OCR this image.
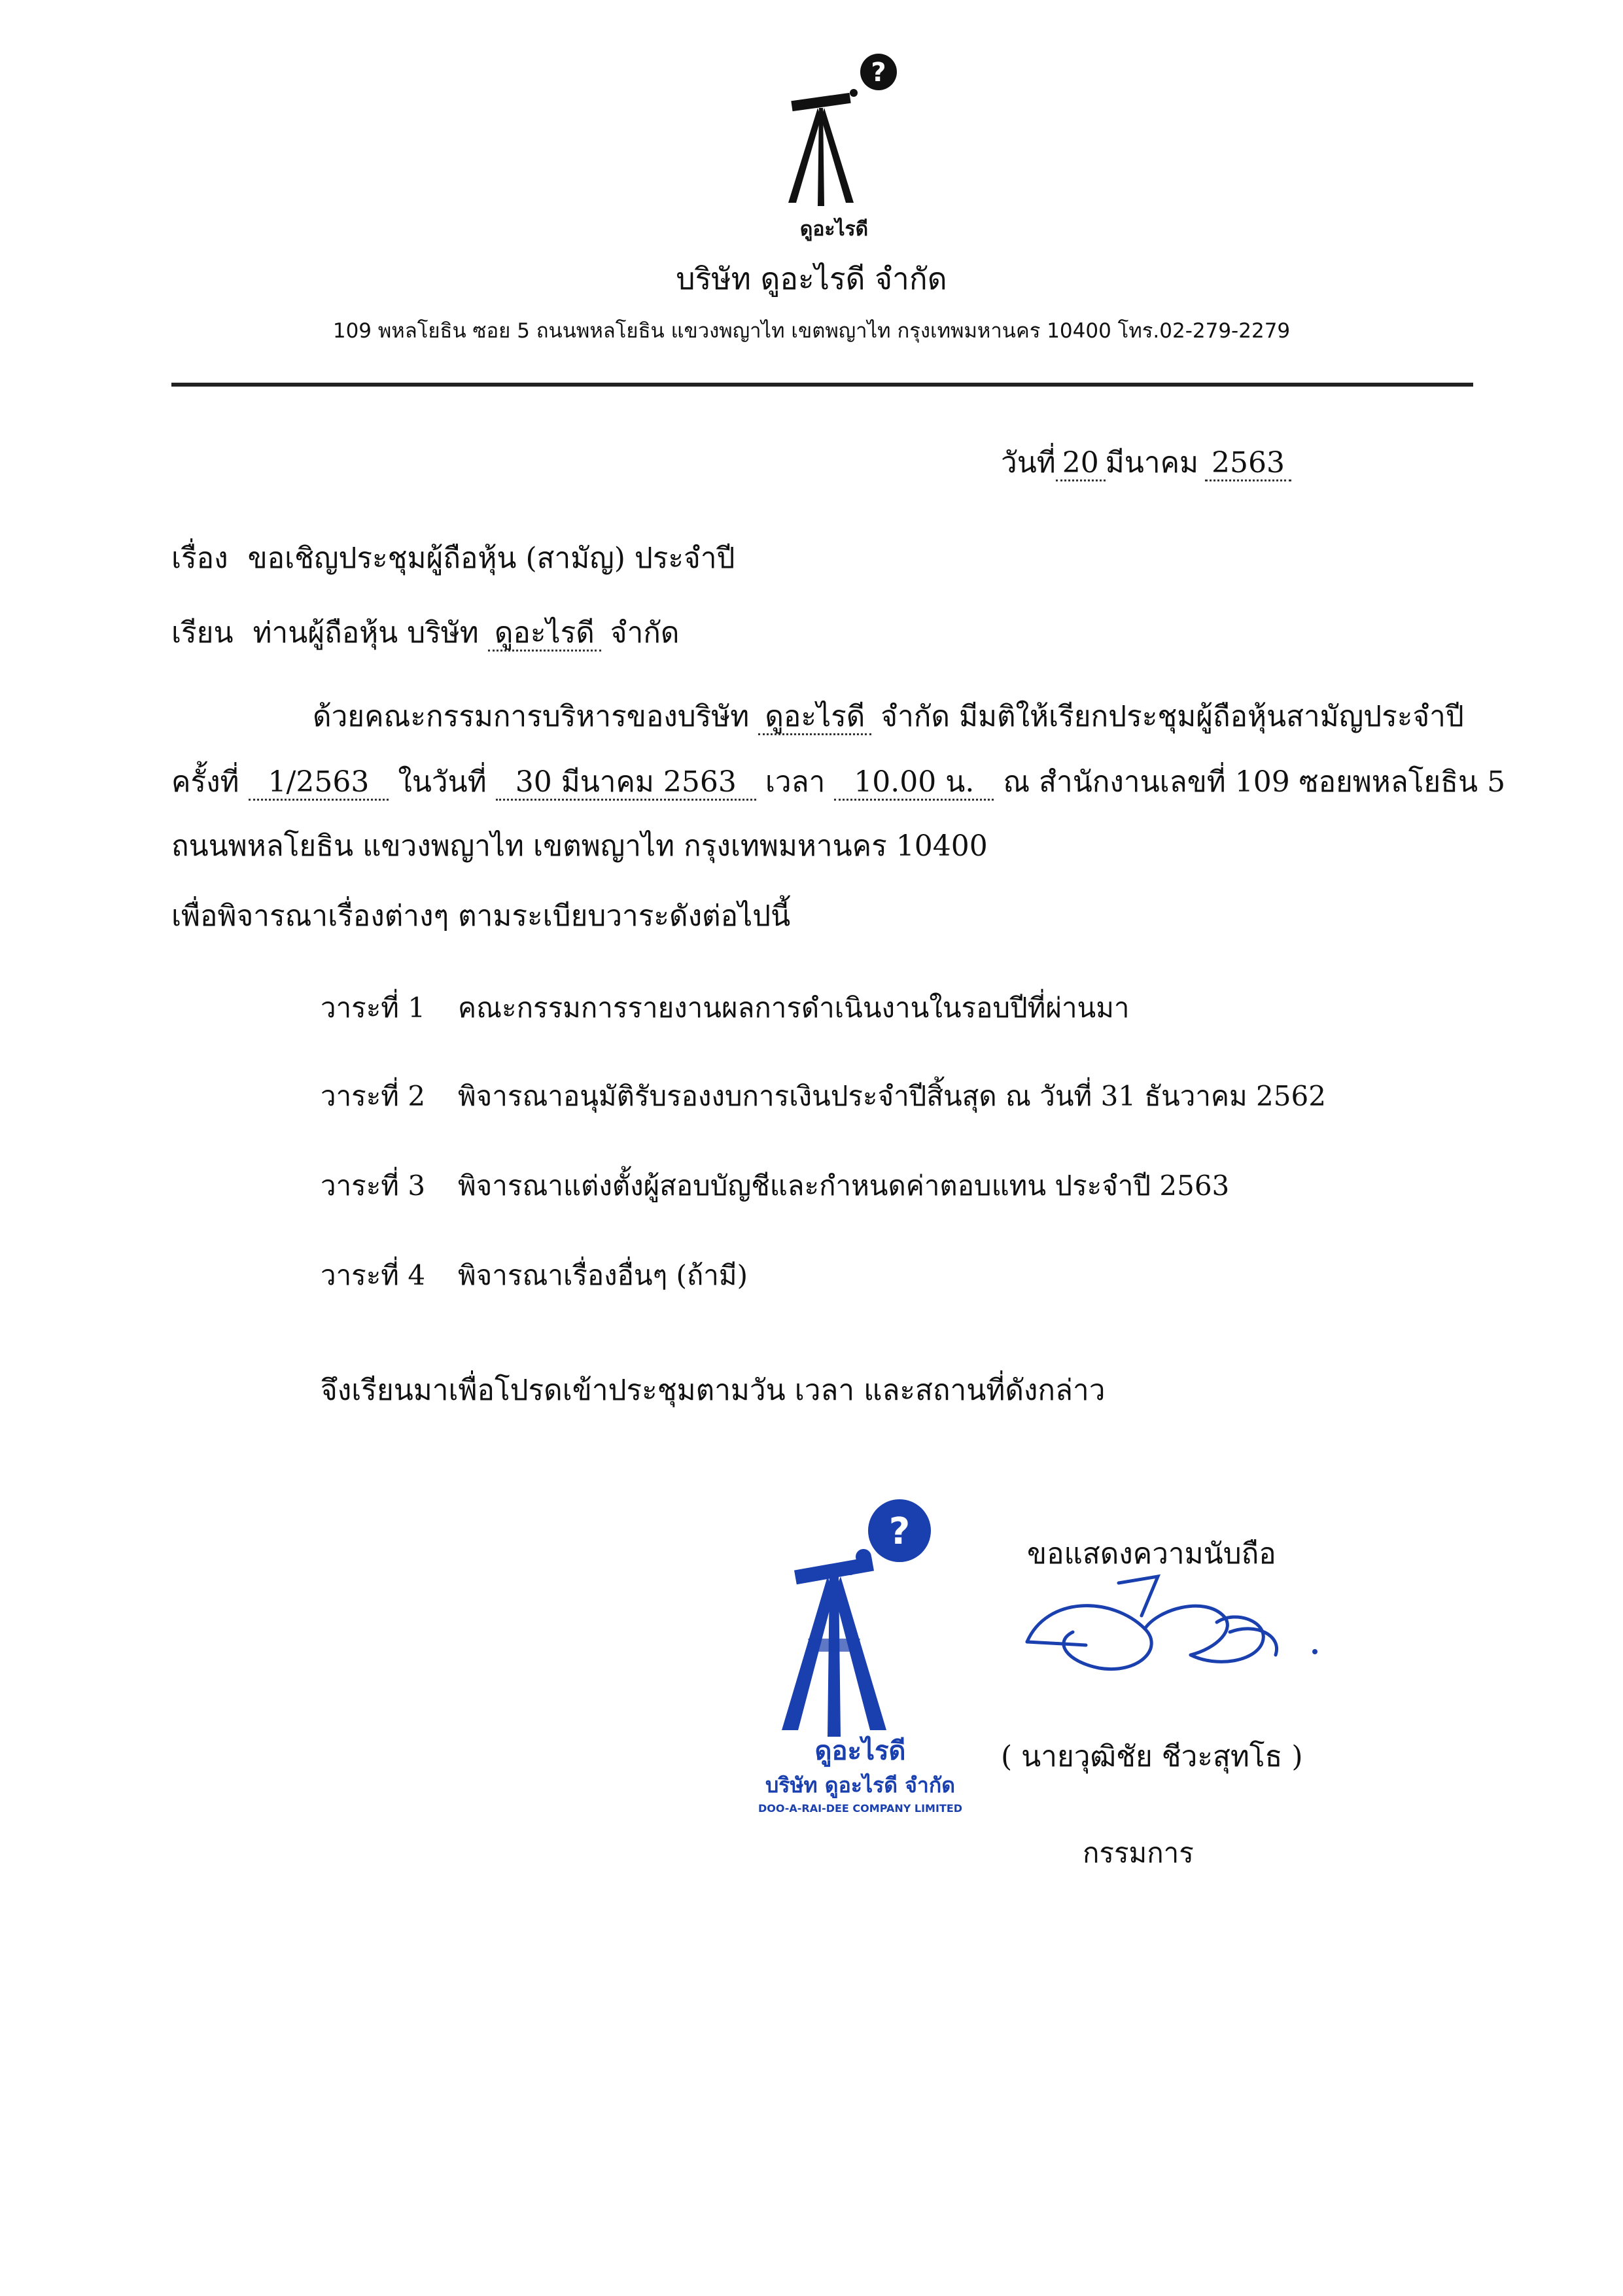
?
ดูอะไรดี
บริษัท ดูอะไรดี จำกัด
109 พหลโยธิน ซอย 5 ถนนพหลโยธิน แขวงพญาไท เขตพญาไท กรุงเทพมหานคร 10400 โทร.02-279-2279
วันที่ 20 มีนาคม 2563
เรื่อง ขอเชิญประชุมผู้ถือหุ้น (สามัญ) ประจำปี
เรียน ท่านผู้ถือหุ้น บริษัท ดูอะไรดี จำกัด
ด้วยคณะกรรมการบริหารของบริษัท ดูอะไรดี จำกัด มีมติให้เรียกประชุมผู้ถือหุ้นสามัญประจำปี
ครั้งที่ 1/2563 ในวันที่ 30 มีนาคม 2563 เวลา 10.00 น. ณ สำนักงานเลขที่ 109 ซอยพหลโยธิน 5
ถนนพหลโยธิน แขวงพญาไท เขตพญาไท กรุงเทพมหานคร 10400
เพื่อพิจารณาเรื่องต่างๆ ตามระเบียบวาระดังต่อไปนี้
วาระที่ 1 คณะกรรมการรายงานผลการดำเนินงานในรอบปีที่ผ่านมา
วาระที่ 2 พิจารณาอนุมัติรับรองงบการเงินประจำปีสิ้นสุด ณ วันที่ 31 ธันวาคม 2562
วาระที่ 3 พิจารณาแต่งตั้งผู้สอบบัญชีและกำหนดค่าตอบแทน ประจำปี 2563
วาระที่ 4 พิจารณาเรื่องอื่นๆ (ถ้ามี)
จึงเรียนมาเพื่อโปรดเข้าประชุมตามวัน เวลา และสถานที่ดังกล่าว
?
ดูอะไรดี
บริษัท ดูอะไรดี จำกัด
DOO-A-RAI-DEE COMPANY LIMITED
ขอแสดงความนับถือ
( นายวุฒิชัย ชีวะสุทโธ )
กรรมการ
